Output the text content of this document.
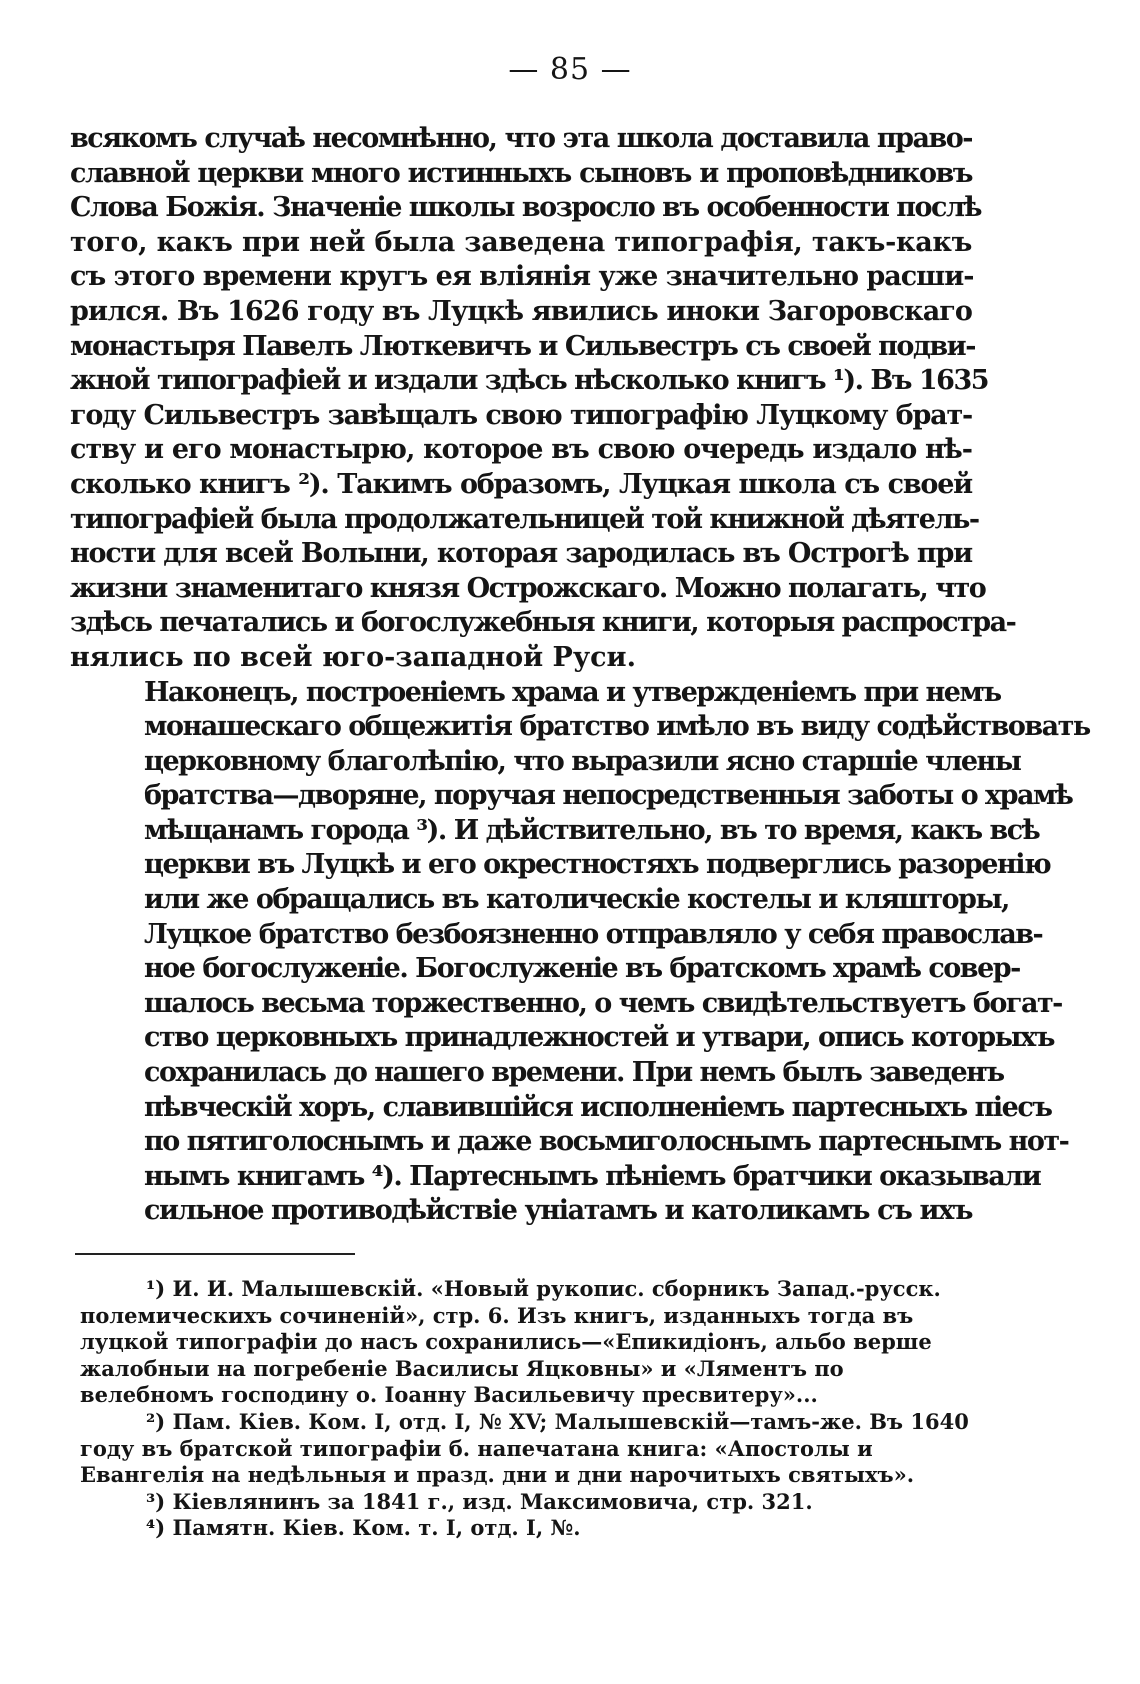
— 85 —

всякомъ случаѣ несомнѣнно, что эта школа доставила право-
славной церкви много истинныхъ сыновъ и проповѣдниковъ
Слова Божія. Значеніе школы возросло въ особенности послѣ
того, какъ при ней была заведена типографія, такъ-какъ
съ этого времени кругъ ея вліянія уже значительно расши-
рился. Въ 1626 году въ Луцкѣ явились иноки Загоровскаго
монастыря Павелъ Люткевичъ и Сильвестръ съ своей подви-
жной типографіей и издали здѣсь нѣсколько книгъ ¹). Въ 1635
году Сильвестръ завѣщалъ свою типографію Луцкому брат-
ству и его монастырю, которое въ свою очередь издало нѣ-
сколько книгъ ²). Такимъ образомъ, Луцкая школа съ своей
типографіей была продолжательницей той книжной дѣятель-
ности для всей Волыни, которая зародилась въ Острогѣ при
жизни знаменитаго князя Острожскаго. Можно полагать, что
здѣсь печатались и богослужебныя книги, которыя распростра-
нялись по всей юго-западной Руси.

Наконецъ, построеніемъ храма и утвержденіемъ при немъ
монашескаго общежитія братство имѣло въ виду содѣйствовать
церковному благолѣпію, что выразили ясно старшіе члены
братства—дворяне, поручая непосредственныя заботы о храмѣ
мѣщанамъ города ³). И дѣйствительно, въ то время, какъ всѣ
церкви въ Луцкѣ и его окрестностяхъ подверглись разоренію
или же обращались въ католическіе костелы и кляшторы,
Луцкое братство безбоязненно отправляло у себя православ-
ное богослуженіе. Богослуженіе въ братскомъ храмѣ совер-
шалось весьма торжественно, о чемъ свидѣтельствуетъ богат-
ство церковныхъ принадлежностей и утвари, опись которыхъ
сохранилась до нашего времени. При немъ былъ заведенъ
пѣвческій хоръ, славившійся исполненіемъ партесныхъ піесъ
по пятиголоснымъ и даже восьмиголоснымъ партеснымъ нот-
нымъ книгамъ ⁴). Партеснымъ пѣніемъ братчики оказывали
сильное противодѣйствіе уніатамъ и католикамъ съ ихъ

¹) И. И. Малышевскій. «Новый рукопис. сборникъ Запад.-русск. полемическихъ сочиненій», стр. 6. Изъ книгъ, изданныхъ тогда въ луцкой типографіи до насъ сохранились—«Епикидіонъ, альбо верше жалобныи на погребеніе Василисы Яцковны» и «Ляментъ по велебномъ господину о. Іоанну Васильевичу пресвитеру»...

²) Пам. Кіев. Ком. I, отд. I, № XV; Малышевскій—тамъ-же. Въ 1640 году въ братской типографіи б. напечатана книга: «Апостолы и Евангелія на недѣльныя и празд. дни и дни нарочитыхъ святыхъ».

³) Кіевлянинъ за 1841 г., изд. Максимовича, стр. 321.

⁴) Памятн. Кіев. Ком. т. I, отд. I, №.
